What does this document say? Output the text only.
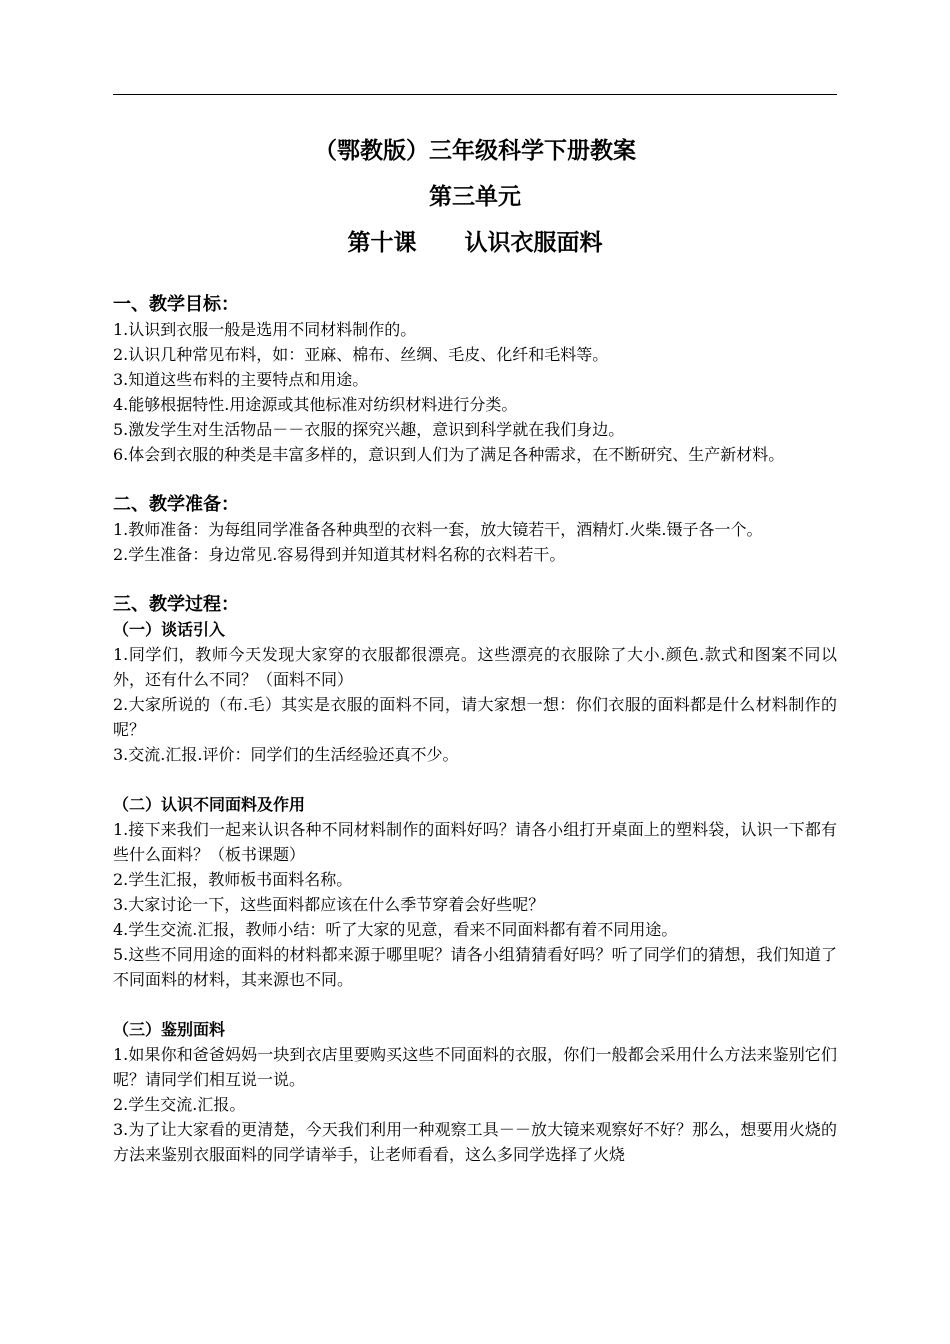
（鄂教版）三年级科学下册教案

第三单元

第十课 认识衣服面料

一、教学目标：

1.认识到衣服一般是选用不同材料制作的。

2.认识几种常见布料，如：亚麻、棉布、丝绸、毛皮、化纤和毛料等。

3.知道这些布料的主要特点和用途。

4.能够根据特性.用途源或其他标准对纺织材料进行分类。

5.激发学生对生活物品－－衣服的探究兴趣，意识到科学就在我们身边。

6.体会到衣服的种类是丰富多样的，意识到人们为了满足各种需求，在不断研究、生产新材料。

二、教学准备：

1.教师准备：为每组同学准备各种典型的衣料一套，放大镜若干，酒精灯.火柴.镊子各一个。

2.学生准备：身边常见.容易得到并知道其材料名称的衣料若干。

三、教学过程：

（一）谈话引入

1.同学们，教师今天发现大家穿的衣服都很漂亮。这些漂亮的衣服除了大小.颜色.款式和图案不同以外，还有什么不同？（面料不同）

2.大家所说的（布.毛）其实是衣服的面料不同，请大家想一想：你们衣服的面料都是什么材料制作的呢？

3.交流.汇报.评价：同学们的生活经验还真不少。

（二）认识不同面料及作用

1.接下来我们一起来认识各种不同材料制作的面料好吗？请各小组打开桌面上的塑料袋，认识一下都有些什么面料？（板书课题）

2.学生汇报，教师板书面料名称。

3.大家讨论一下，这些面料都应该在什么季节穿着会好些呢？

4.学生交流.汇报，教师小结：听了大家的见意，看来不同面料都有着不同用途。

5.这些不同用途的面料的材料都来源于哪里呢？请各小组猜猜看好吗？听了同学们的猜想，我们知道了不同面料的材料，其来源也不同。

（三）鉴别面料

1.如果你和爸爸妈妈一块到衣店里要购买这些不同面料的衣服，你们一般都会采用什么方法来鉴别它们呢？请同学们相互说一说。

2.学生交流.汇报。

3.为了让大家看的更清楚，今天我们利用一种观察工具－－放大镜来观察好不好？那么，想要用火烧的方法来鉴别衣服面料的同学请举手，让老师看看，这么多同学选择了火烧
